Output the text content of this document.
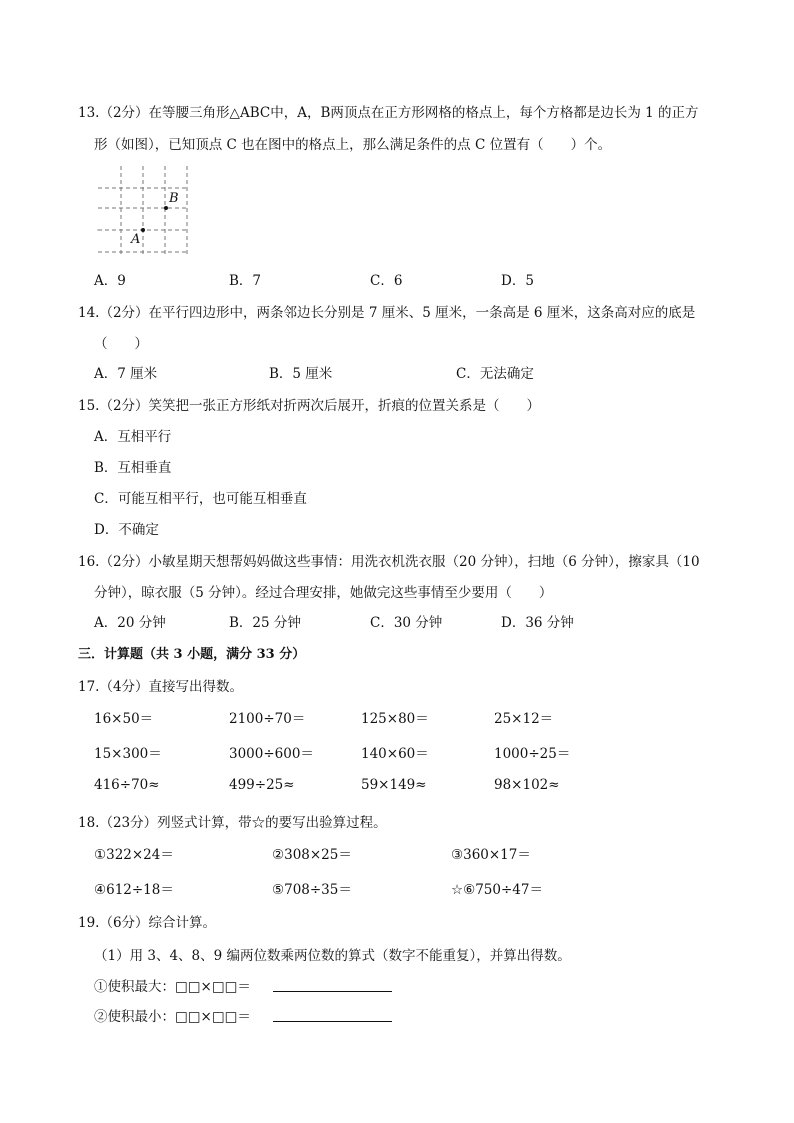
13.（2分）在等腰三角形△ABC中，A，B两顶点在正方形网格的格点上，每个方格都是边长为 1 的正方
形（如图），已知顶点 C 也在图中的格点上，那么满足条件的点 C 位置有（　　）个。
B
A
A．9	B．7	C．6	D．5
14.（2分）在平行四边形中，两条邻边长分别是 7 厘米、5 厘米，一条高是 6 厘米，这条高对应的底是
（　　）
A．7 厘米	B．5 厘米	C．无法确定
15.（2分）笑笑把一张正方形纸对折两次后展开，折痕的位置关系是（　　）
A．互相平行
B．互相垂直
C．可能互相平行，也可能互相垂直
D．不确定
16.（2分）小敏星期天想帮妈妈做这些事情：用洗衣机洗衣服（20 分钟），扫地（6 分钟），擦家具（10
分钟），晾衣服（5 分钟）。经过合理安排，她做完这些事情至少要用（　　）
A．20 分钟	B．25 分钟	C．30 分钟	D．36 分钟
三．计算题（共 3 小题，满分 33 分）
17.（4分）直接写出得数。
16×50＝	2100÷70＝	125×80＝	25×12＝
15×300＝	3000÷600＝	140×60＝	1000÷25＝
416÷70≈	499÷25≈	59×149≈	98×102≈
18.（23分）列竖式计算，带☆的要写出验算过程。
①322×24＝	②308×25＝	③360×17＝
④612÷18＝	⑤708÷35＝	☆⑥750÷47＝
19.（6分）综合计算。
（1）用 3、4、8、9 编两位数乘两位数的算式（数字不能重复），并算出得数。
①使积最大：□□×□□＝
②使积最小：□□×□□＝
